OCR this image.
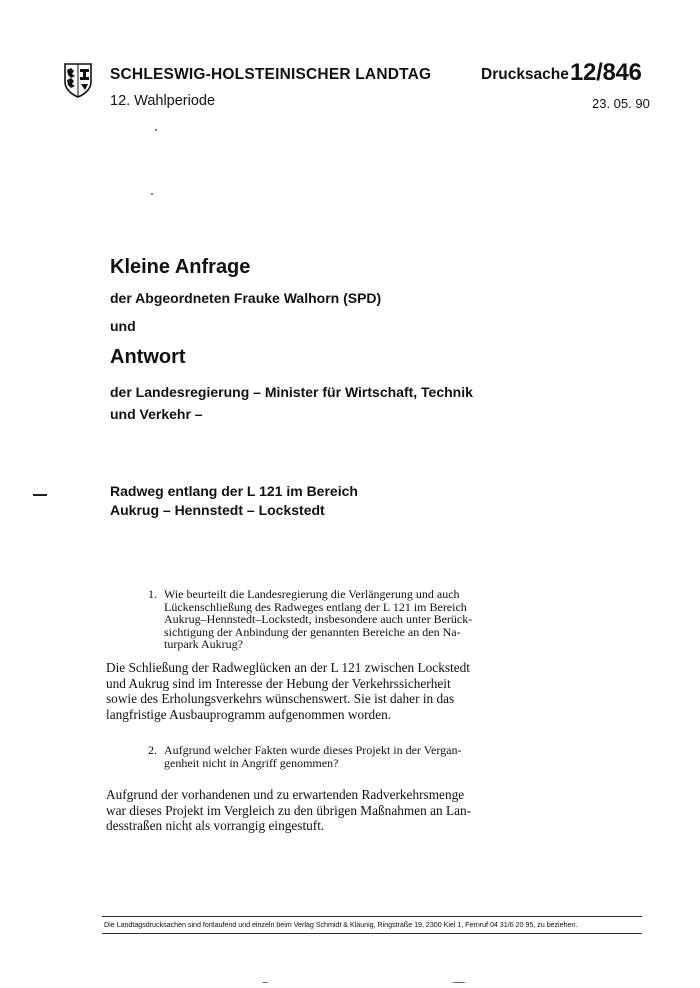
SCHLESWIG-HOLSTEINISCHER LANDTAG
12. Wahlperiode
Drucksache 12/846
23. 05. 90
Kleine Anfrage
der Abgeordneten Frauke Walhorn (SPD)
und
Antwort
der Landesregierung – Minister für Wirtschaft, Technik
und Verkehr –
Radweg entlang der L 121 im Bereich
Aukrug – Hennstedt – Lockstedt
1. Wie beurteilt die Landesregierung die Verlängerung und auch
Lückenschließung des Radweges entlang der L 121 im Bereich
Aukrug–Hennstedt–Lockstedt, insbesondere auch unter Berück-
sichtigung der Anbindung der genannten Bereiche an den Na-
turpark Aukrug?
Die Schließung der Radweglücken an der L 121 zwischen Lockstedt
und Aukrug sind im Interesse der Hebung der Verkehrssicherheit
sowie des Erholungsverkehrs wünschenswert. Sie ist daher in das
langfristige Ausbauprogramm aufgenommen worden.
2. Aufgrund welcher Fakten wurde dieses Projekt in der Vergan-
genheit nicht in Angriff genommen?
Aufgrund der vorhandenen und zu erwartenden Radverkehrsmenge
war dieses Projekt im Vergleich zu den übrigen Maßnahmen an Lan-
desstraßen nicht als vorrangig eingestuft.
Die Landtagsdrucksachen sind fortlaufend und einzeln beim Verlag Schmidt & Klaunig, Ringstraße 19, 2300 Kiel 1, Fernruf 04 31/6 20 95, zu beziehen.
